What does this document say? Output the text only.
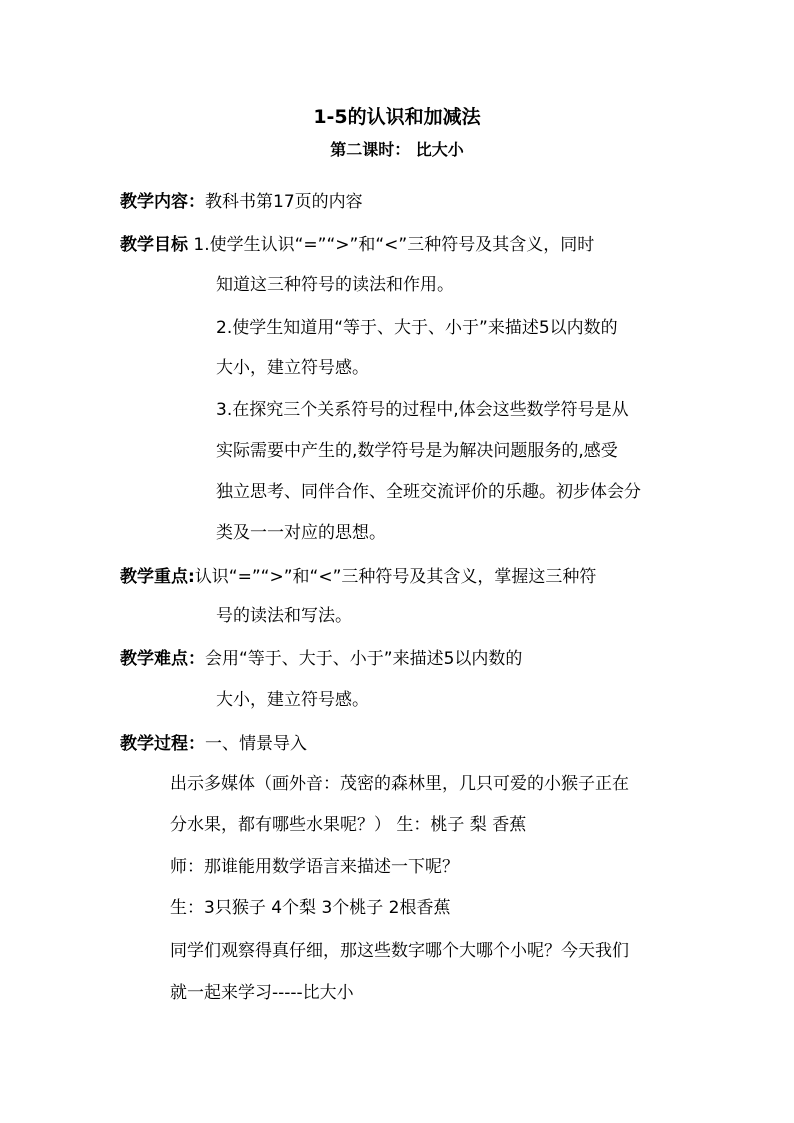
1-5的认识和加减法
第二课时： 比大小
教学内容：教科书第17页的内容
教学目标 1.使学生认识“=”“>”和“<”三种符号及其含义，同时
知道这三种符号的读法和作用。
2.使学生知道用“等于、大于、小于”来描述5以内数的
大小，建立符号感。
3.在探究三个关系符号的过程中,体会这些数学符号是从
实际需要中产生的,数学符号是为解决问题服务的,感受
独立思考、同伴合作、全班交流评价的乐趣。初步体会分
类及一一对应的思想。
教学重点:认识“=”“>”和“<”三种符号及其含义，掌握这三种符
号的读法和写法。
教学难点：会用“等于、大于、小于”来描述5以内数的
大小，建立符号感。
教学过程：一、情景导入
出示多媒体（画外音：茂密的森林里，几只可爱的小猴子正在
分水果，都有哪些水果呢？） 生：桃子 梨 香蕉
师：那谁能用数学语言来描述一下呢？
生：3只猴子 4个梨 3个桃子 2根香蕉
同学们观察得真仔细，那这些数字哪个大哪个小呢？今天我们
就一起来学习-----比大小
